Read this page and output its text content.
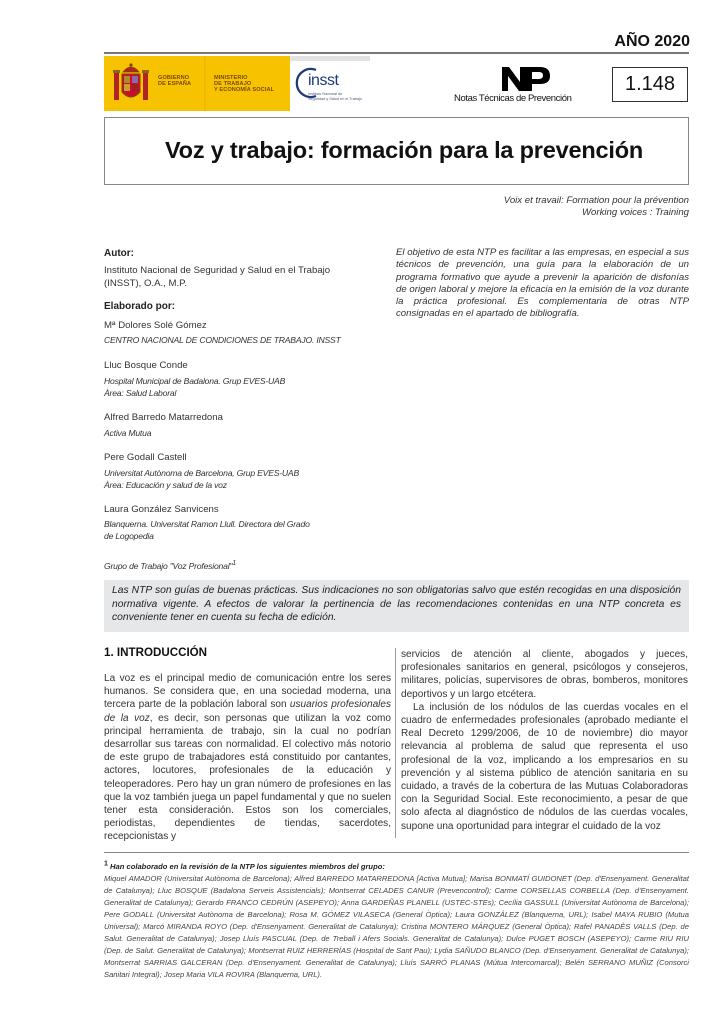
AÑO 2020
GOBIERNO
DE ESPAÑA
MINISTERIO
DE TRABAJO
Y ECONOMÍA SOCIAL
insst
Instituto Nacional de
Seguridad y Salud en el Trabajo	Notas Técnicas de Prevención
1.148
Voz y trabajo: formación para la prevención
Voix et travail: Formation pour la prévention
Working voices : Training
Autor:
Instituto Nacional de Seguridad y Salud en el Trabajo
(INSST), O.A., M.P.
Elaborado por:
Mª Dolores Solé Gómez
CENTRO NACIONAL DE CONDICIONES DE TRABAJO. INSST
Lluc Bosque Conde
Hospital Municipal de Badalona. Grup EVES-UAB
Àrea: Salud Laboral
Alfred Barredo Matarredona
Activa Mutua
Pere Godall Castell
Universitat Autònoma de Barcelona, Grup EVES-UAB
Àrea: Educación y salud de la voz
Laura González Sanvicens
Blanquerna. Universitat Ramon Llull. Directora del Grado
de Logopedia
Grupo de Trabajo "Voz Profesional"$^1$
El objetivo de esta NTP es facilitar a las empresas, en especial a sus técnicos de prevención, una guía para la elaboración de un programa formativo que ayude a prevenir la aparición de disfonías de origen laboral y mejore la eficacia en la emisión de la voz durante la práctica profesional. Es complementaria de otras NTP consignadas en el apartado de bibliografía.
Las NTP son guías de buenas prácticas. Sus indicaciones no son obligatorias salvo que estén recogidas en una disposición normativa vigente. A efectos de valorar la pertinencia de las recomendaciones contenidas en una NTP concreta es conveniente tener en cuenta su fecha de edición.
1. INTRODUCCIÓN

La voz es el principal medio de comunicación entre los seres humanos. Se considera que, en una sociedad moderna, una tercera parte de la población laboral son usuarios profesionales de la voz, es decir, son personas que utilizan la voz como principal herramienta de trabajo, sin la cual no podrían desarrollar sus tareas con normalidad. El colectivo más notorio de este grupo de trabajadores está constituido por cantantes, actores, locutores, profesionales de la educación y teleoperadores. Pero hay un gran número de profesiones en las que la voz también juega un papel fundamental y que no suelen tener esta consideración. Estos son los comerciales, periodistas, dependientes de tiendas, sacerdotes, recepcionistas y

servicios de atención al cliente, abogados y jueces, profesionales sanitarios en general, psicólogos y consejeros, militares, policías, supervisores de obras, bomberos, monitores deportivos y un largo etcétera.

La inclusión de los nódulos de las cuerdas vocales en el cuadro de enfermedades profesionales (aprobado mediante el Real Decreto 1299/2006, de 10 de noviembre) dio mayor relevancia al problema de salud que representa el uso profesional de la voz, implicando a los empresarios en su prevención y al sistema público de atención sanitaria en su cuidado, a través de la cobertura de las Mutuas Colaboradoras con la Seguridad Social. Este reconocimiento, a pesar de que solo afecta al diagnóstico de nódulos de las cuerdas vocales, supone una oportunidad para integrar el cuidado de la voz

$^1$ Han colaborado en la revisión de la NTP los siguientes miembros del grupo:
Miquel AMADOR (Universitat Autònoma de Barcelona); Alfred BARREDO MATARREDONA [Activa Mutua]; Marisa BONMATÍ GUIDONET (Dep. d'Ensenyament. Generalitat de Catalunya); Lluc BOSQUE (Badalona Serveis Assistencials); Montserrat CELADES CANUR (Prevencontrol); Carme CORSELLAS CORBELLA (Dep. d'Ensenyament. Generalitat de Catalunya); Gerardo FRANCO CEDRÚN (ASEPEYO); Anna GARDEÑAS PLANELL (USTEC-STEs); Cecília GASSULL (Universitat Autònoma de Barcelona); Pere GODALL (Universitat Autònoma de Barcelona); Rosa M. GÓMEZ VILASECA (General Òptica); Laura GONZÁLEZ (Blanquerna, URL); Isabel MAYA RUBIO (Mutua Universal); Marcó MIRANDA ROYO (Dep. d'Ensenyament. Generalitat de Catalunya); Cristina MONTERO MÁRQUEZ (General Òptica); Rafel PANADÈS VALLS (Dep. de Salut. Generalitat de Catalunya); Josep Lluís PASCUAL (Dep. de Treball i Afers Socials. Generalitat de Catalunya); Dulce PUGET BOSCH (ASEPEYO); Carme RIU RIU (Dep. de Salut. Generalitat de Catalunya); Montserrat RUIZ HERRERÍAS (Hospital de Sant Pau); Lydia SAÑUDO BLANCO (Dep. d'Ensenyament. Generalitat de Catalunya); Montserrat SARRIAS GALCERAN (Dep. d'Ensenyament. Generalitat de Catalunya); Lluís SARRÓ PLANAS (Mútua Intercomarcal); Belén SERRANO MUÑIZ (Consorci Sanitari Integral); Josep Maria VILA ROVIRA (Blanquerna, URL).
